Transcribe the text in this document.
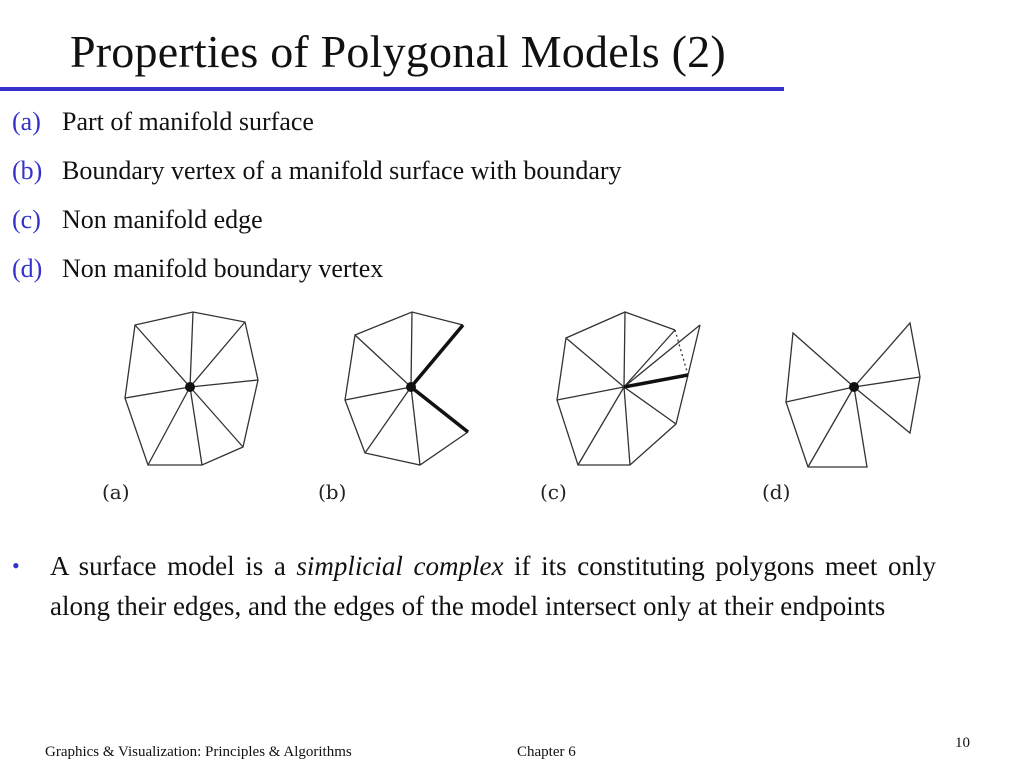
Properties of Polygonal Models (2)
(a) Part of manifold surface
(b) Boundary vertex of a manifold surface with boundary
(c) Non manifold edge
(d) Non manifold boundary vertex
(a)	(b)	(c)	(d)
• A surface model is a simplicial complex if its constituting polygons meet only along their edges, and the edges of the model intersect only at their endpoints
Graphics & Visualization: Principles & Algorithms	Chapter 6
10
